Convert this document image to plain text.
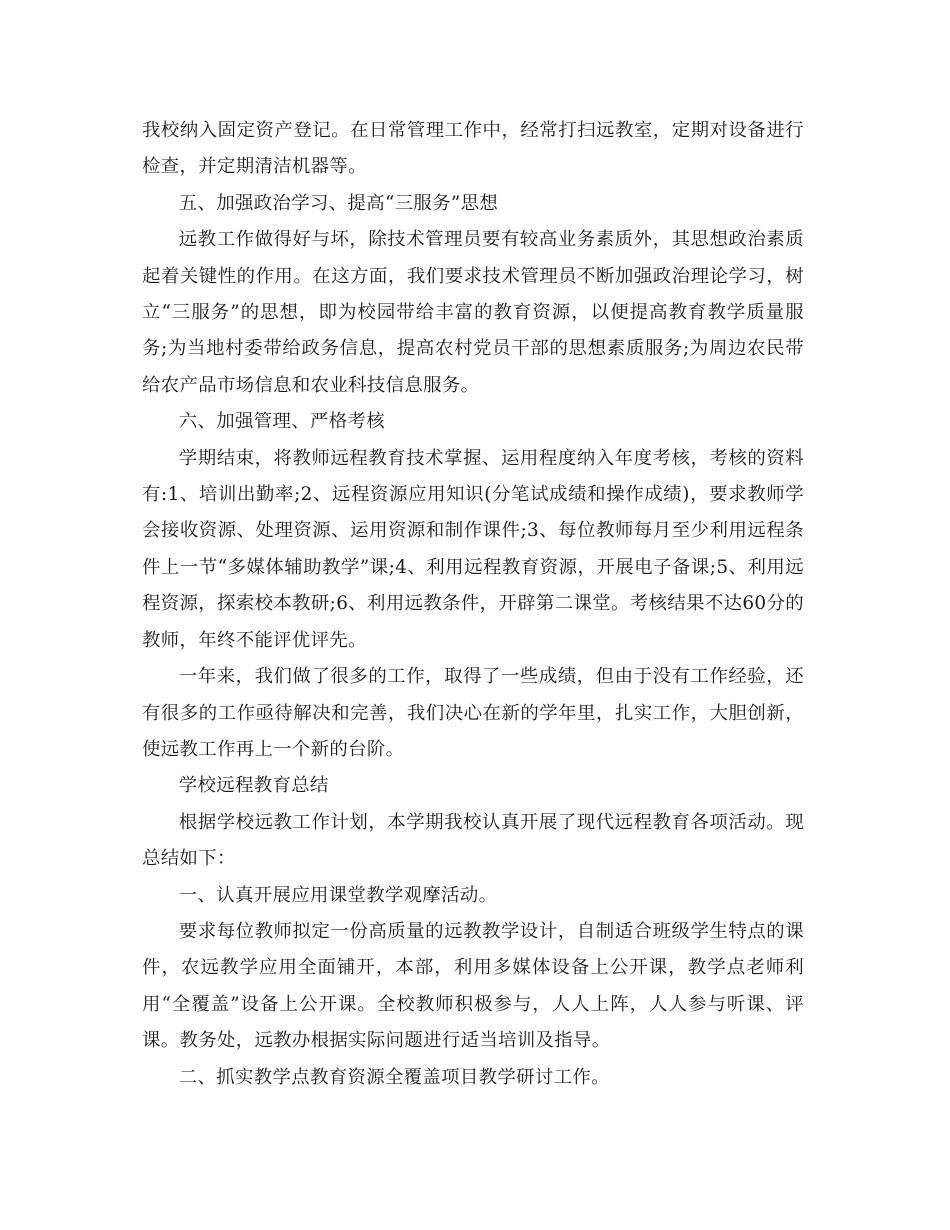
我校纳入固定资产登记。在日常管理工作中，经常打扫远教室，定期对设备进行检查，并定期清洁机器等。

五、加强政治学习、提高“三服务”思想

远教工作做得好与坏，除技术管理员要有较高业务素质外，其思想政治素质起着关键性的作用。在这方面，我们要求技术管理员不断加强政治理论学习，树立“三服务”的思想，即为校园带给丰富的教育资源，以便提高教育教学质量服务;为当地村委带给政务信息，提高农村党员干部的思想素质服务;为周边农民带给农产品市场信息和农业科技信息服务。

六、加强管理、严格考核

学期结束，将教师远程教育技术掌握、运用程度纳入年度考核，考核的资料有:1、培训出勤率;2、远程资源应用知识(分笔试成绩和操作成绩)，要求教师学会接收资源、处理资源、运用资源和制作课件;3、每位教师每月至少利用远程条件上一节“多媒体辅助教学”课;4、利用远程教育资源，开展电子备课;5、利用远程资源，探索校本教研;6、利用远教条件，开辟第二课堂。考核结果不达60分的教师，年终不能评优评先。

一年来，我们做了很多的工作，取得了一些成绩，但由于没有工作经验，还有很多的工作亟待解决和完善，我们决心在新的学年里，扎实工作，大胆创新，使远教工作再上一个新的台阶。

学校远程教育总结

根据学校远教工作计划，本学期我校认真开展了现代远程教育各项活动。现总结如下：

一、认真开展应用课堂教学观摩活动。

要求每位教师拟定一份高质量的远教教学设计，自制适合班级学生特点的课件，农远教学应用全面铺开，本部，利用多媒体设备上公开课，教学点老师利用“全覆盖”设备上公开课。全校教师积极参与，人人上阵，人人参与听课、评课。教务处，远教办根据实际问题进行适当培训及指导。

二、抓实教学点教育资源全覆盖项目教学研讨工作。
